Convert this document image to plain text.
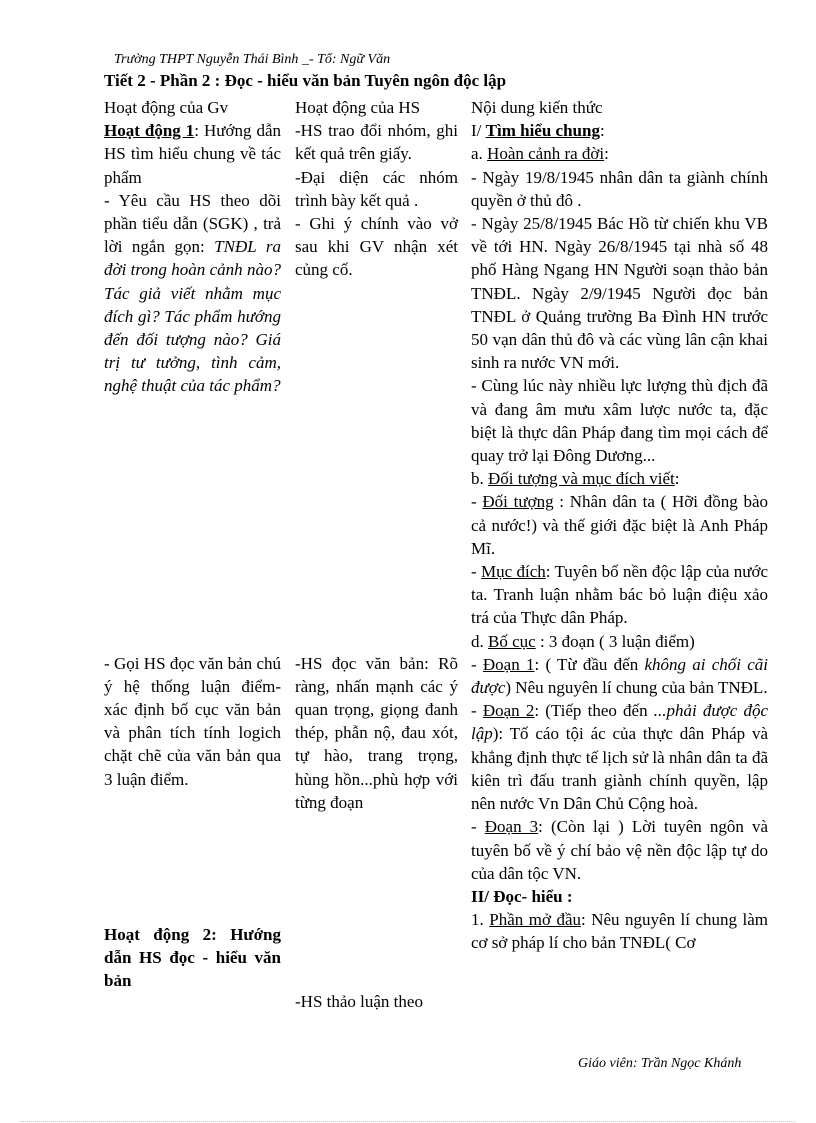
Trường THPT Nguyễn Thái Bình _- Tổ: Ngữ Văn
Tiết 2 - Phần 2 : Đọc - hiểu văn bản Tuyên ngôn độc lập

Hoạt động của Gv

Hoạt động 1: Hướng dẫn HS tìm hiểu chung về tác phẩm

- Yêu cầu HS theo dõi phần tiểu dẫn (SGK) , trả lời ngắn gọn: TNĐL ra đời trong hoàn cảnh nào? Tác giả viết nhằm mục đích gì? Tác phẩm hướng đến đối tượng nào? Giá trị tư tưởng, tình cảm, nghệ thuật của tác phẩm?

- Gọi HS đọc văn bản chú ý hệ thống luận điểm- xác định bố cục văn bản và phân tích tính logich chặt chẽ của văn bản qua 3 luận điểm.

Hoạt động 2: Hướng dẫn HS đọc - hiểu văn bản

Hoạt động của HS

-HS trao đổi nhóm, ghi kết quả trên giấy.

-Đại diện các nhóm trình bày kết quả .

- Ghi ý chính vào vở sau khi GV nhận xét củng cố.

-HS đọc văn bản: Rõ ràng, nhấn mạnh các ý quan trọng, giọng đanh thép, phẫn nộ, đau xót, tự hào, trang trọng, hùng hồn...phù hợp với từng đoạn

-HS thảo luận theo

Nội dung kiến thức

I/ Tìm hiểu chung:

a. Hoàn cảnh ra đời:

- Ngày 19/8/1945 nhân dân ta giành chính quyền ở thủ đô .

- Ngày 25/8/1945 Bác Hồ từ chiến khu VB về tới HN. Ngày 26/8/1945 tại nhà số 48 phố Hàng Ngang HN Người soạn thảo bản TNĐL. Ngày 2/9/1945 Người đọc bản TNĐL ở Quảng trường Ba Đình HN trước 50 vạn dân thủ đô và các vùng lân cận khai sinh ra nước VN mới.

- Cùng lúc này nhiều lực lượng thù địch đã và đang âm mưu xâm lược nước ta, đặc biệt là thực dân Pháp đang tìm mọi cách để quay trở lại Đông Dương...

b. Đối tượng và mục đích viết:

- Đối tượng : Nhân dân ta ( Hỡi đồng bào cả nước!) và thế giới đặc biệt là Anh Pháp Mĩ.

- Mục đích: Tuyên bố nền độc lập của nước ta. Tranh luận nhằm bác bỏ luận điệu xảo trá của Thực dân Pháp.

d. Bố cục : 3 đoạn ( 3 luận điểm)

- Đoạn 1: ( Từ đầu đến không ai chối cãi được) Nêu nguyên lí chung của bản TNĐL.

- Đoạn 2: (Tiếp theo đến ...phải được độc lập): Tố cáo tội ác của thực dân Pháp và khẳng định thực tế lịch sử là nhân dân ta đã kiên trì đấu tranh giành chính quyền, lập nên nước Vn Dân Chủ Cộng hoà.

- Đoạn 3: (Còn lại ) Lời tuyên ngôn và tuyên bố về ý chí bảo vệ nền độc lập tự do của dân tộc VN.

II/ Đọc- hiểu :

1. Phần mở đầu: Nêu nguyên lí chung làm cơ sở pháp lí cho bản TNĐL( Cơ

Giáo viên: Trần Ngọc Khánh
